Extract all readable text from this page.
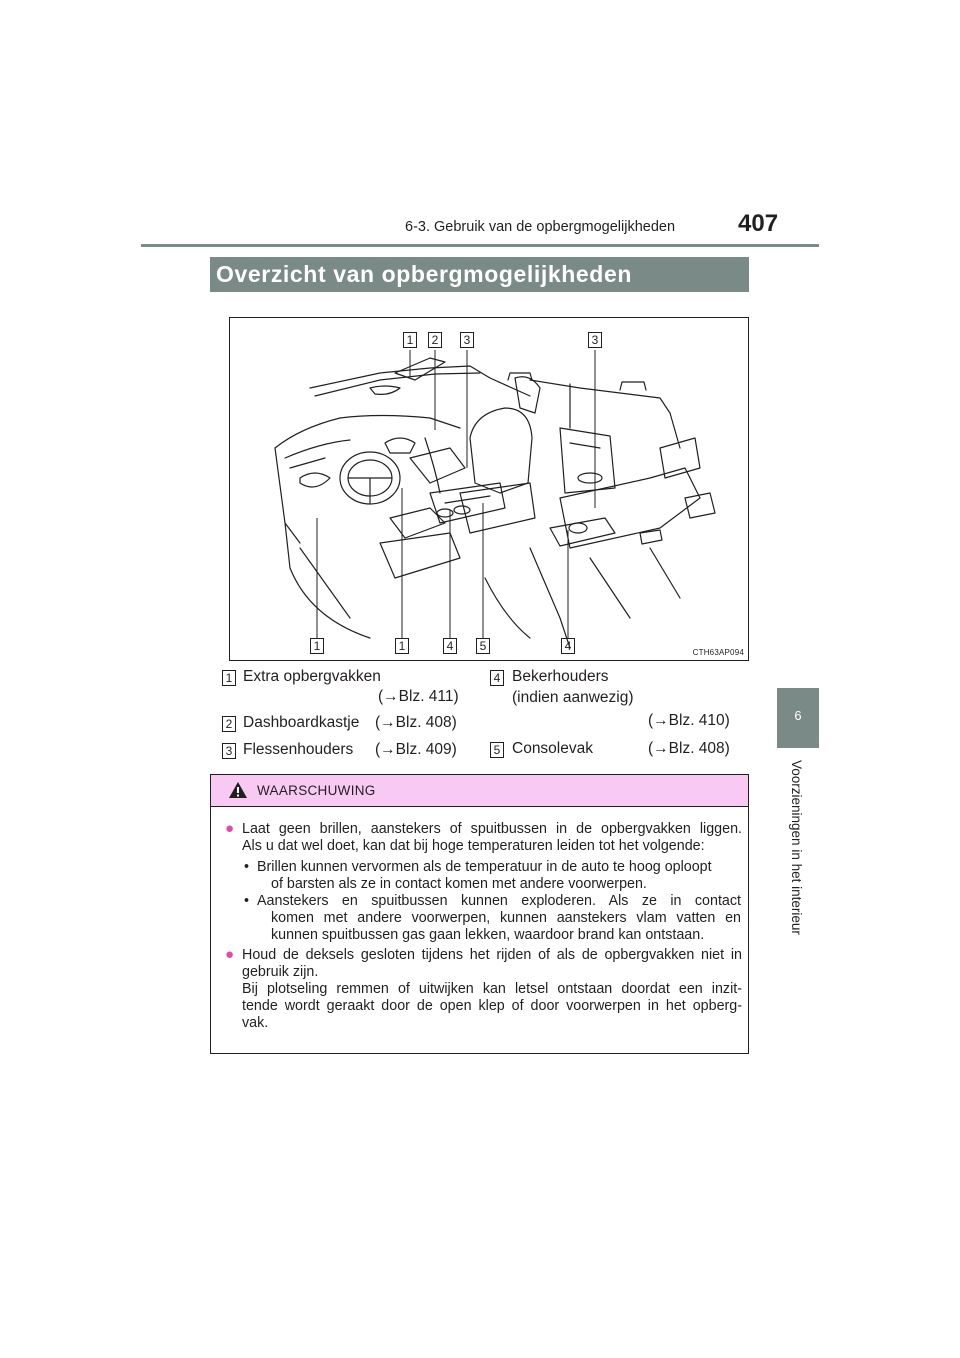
6-3. Gebruik van de opbergmogelijkheden	407
Overzicht van opbergmogelijkheden
6
Voorzieningen in het interieur
1	2	3	3
1	1	4	5	4	CTH63AP094
1 Extra opbergvakken
(→Blz. 411)
2 Dashboardkastje (→Blz. 408)
3 Flessenhouders (→Blz. 409)
4 Bekerhouders
(indien aanwezig)
(→Blz. 410)
5 Consolevak	(→Blz. 408)
WAARSCHUWING
● Laat geen brillen, aanstekers of spuitbussen in de opbergvakken liggen.
Als u dat wel doet, kan dat bij hoge temperaturen leiden tot het volgende:
• Brillen kunnen vervormen als de temperatuur in de auto te hoog oploopt
of barsten als ze in contact komen met andere voorwerpen.
• Aanstekers en spuitbussen kunnen exploderen. Als ze in contact
komen met andere voorwerpen, kunnen aanstekers vlam vatten en
kunnen spuitbussen gas gaan lekken, waardoor brand kan ontstaan.
● Houd de deksels gesloten tijdens het rijden of als de opbergvakken niet in
gebruik zijn.
Bij plotseling remmen of uitwijken kan letsel ontstaan doordat een inzit-
tende wordt geraakt door de open klep of door voorwerpen in het opberg-
vak.
